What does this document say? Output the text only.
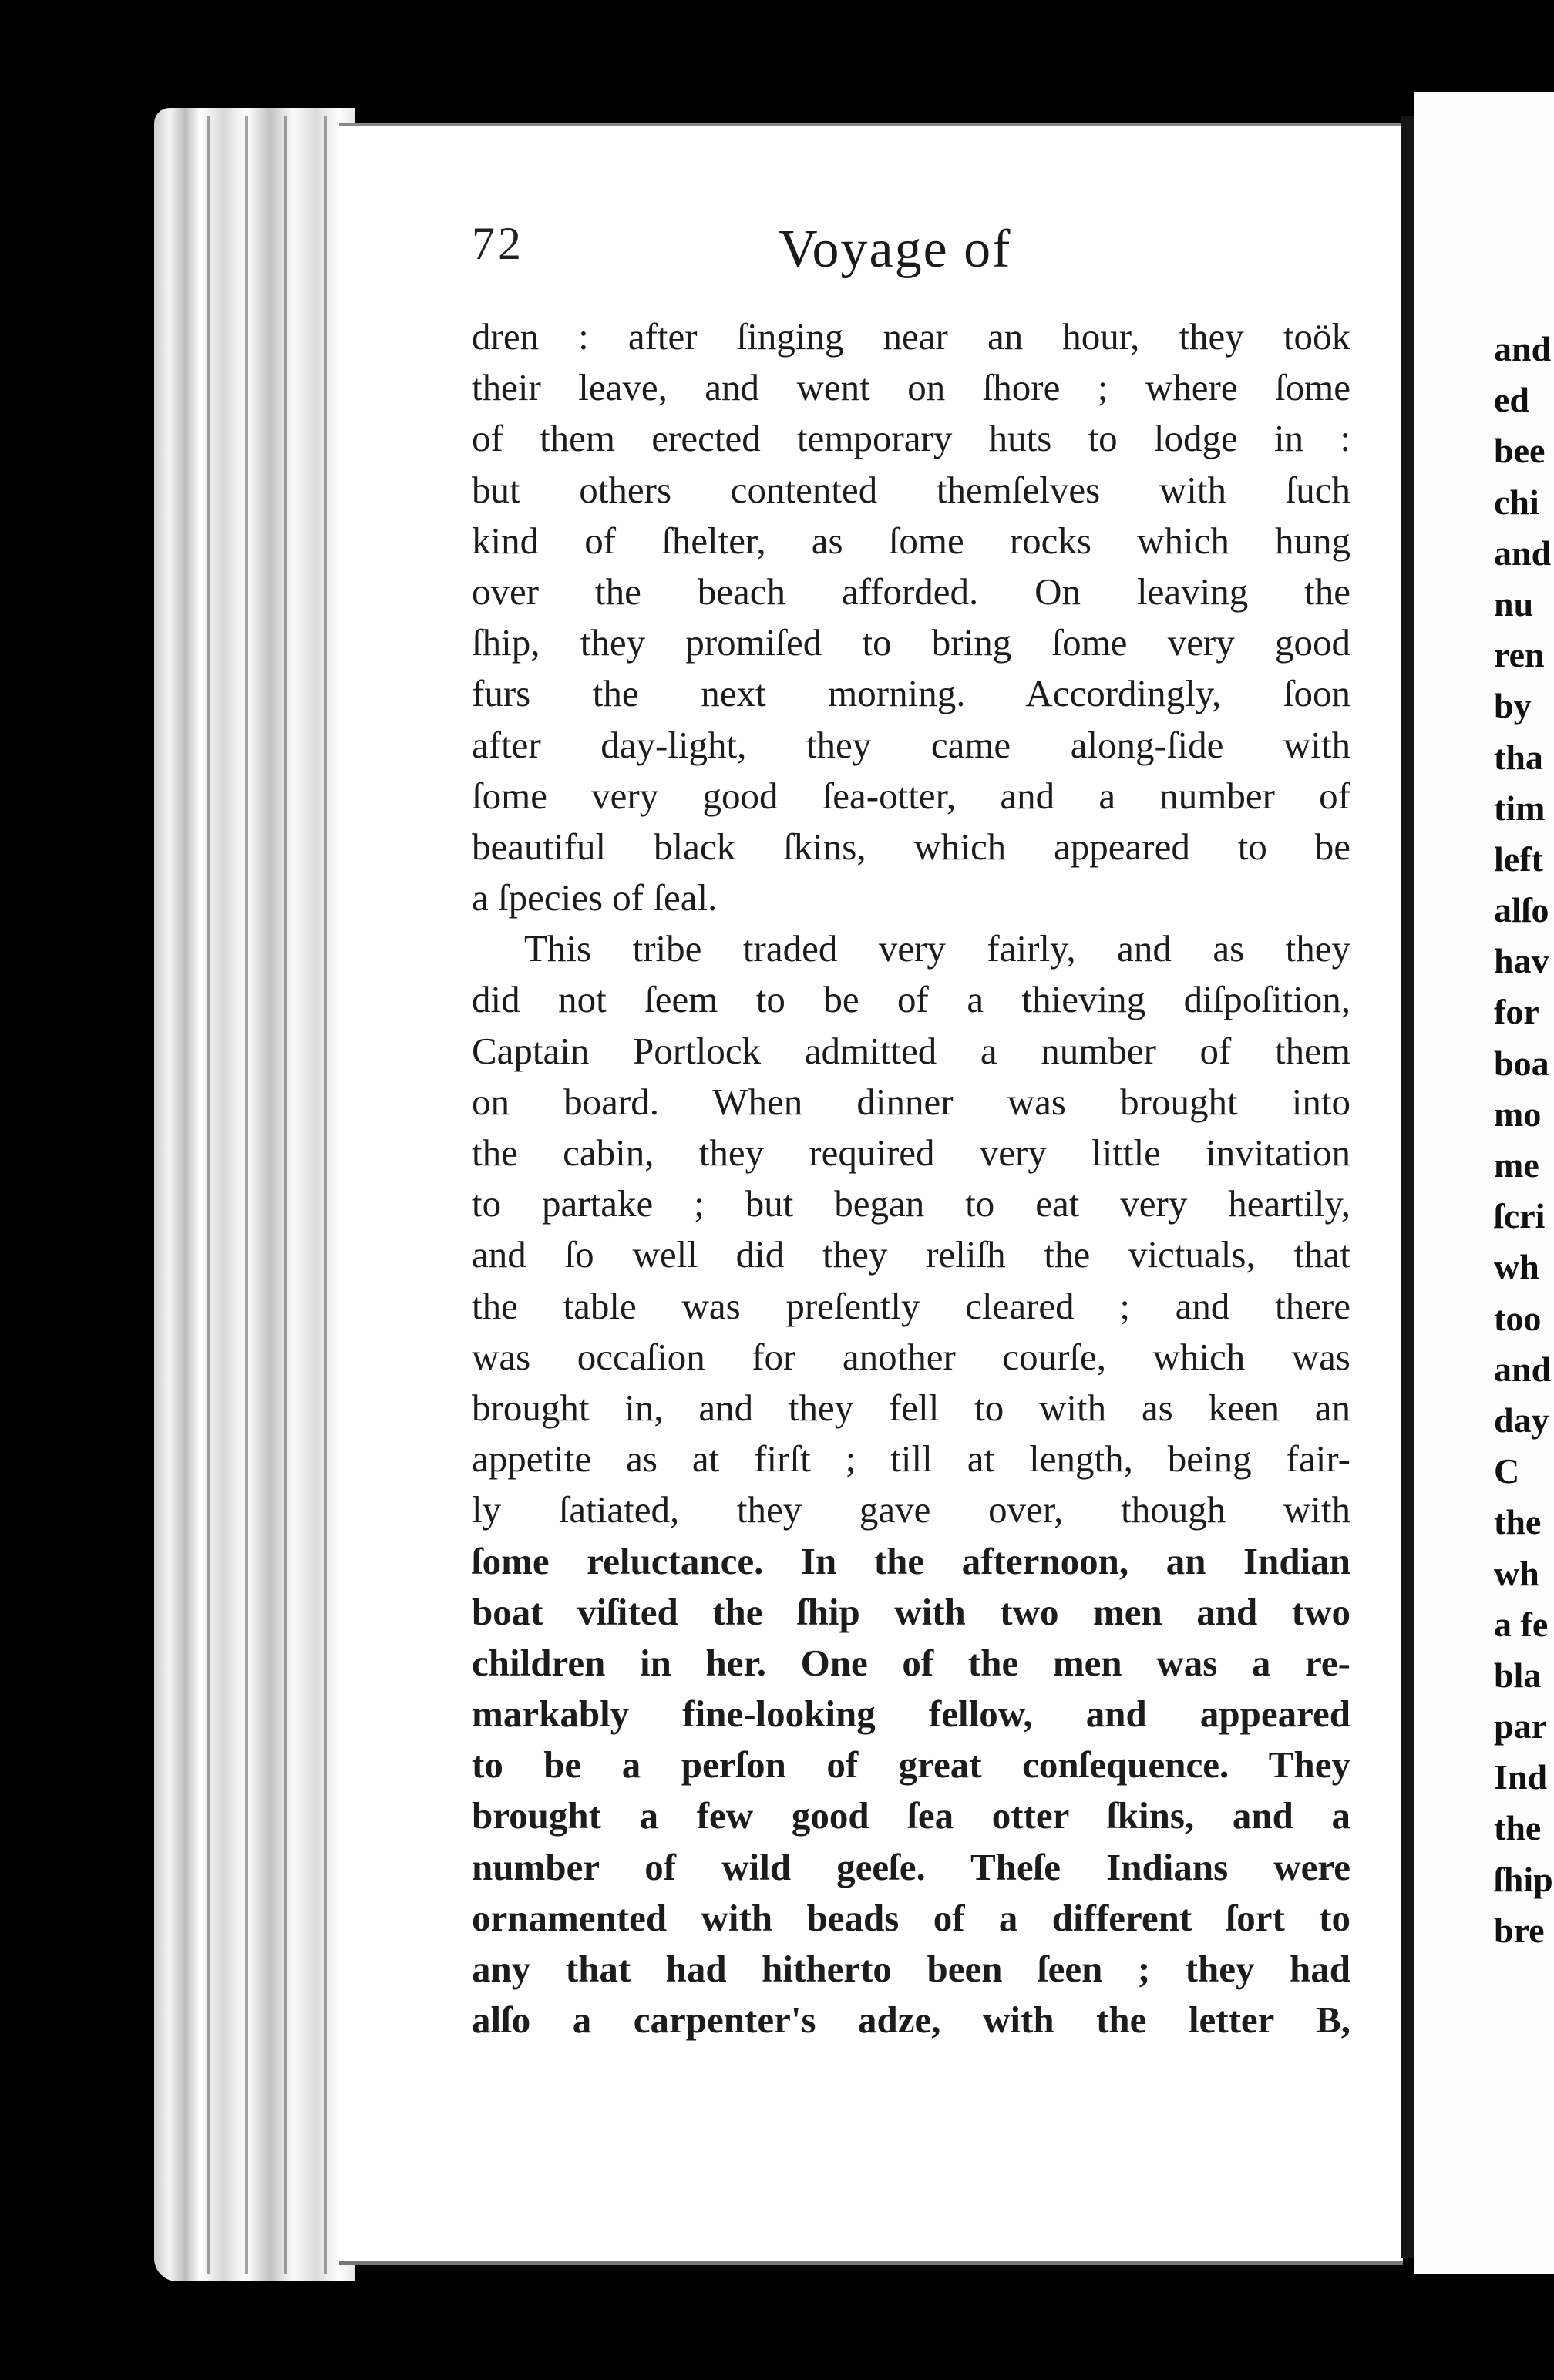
72	Voyage of
dren : after ſinging near an hour, they toök
their leave, and went on ſhore ; where ſome
of them erected temporary huts to lodge in :
but others contented themſelves with ſuch
kind of ſhelter, as ſome rocks which hung
over the beach afforded. On leaving the
ſhip, they promiſed to bring ſome very good
furs the next morning. Accordingly, ſoon
after day-light, they came along-ſide with
ſome very good ſea-otter, and a number of
beautiful black ſkins, which appeared to be
a ſpecies of ſeal.
This tribe traded very fairly, and as they
did not ſeem to be of a thieving diſpoſition,
Captain Portlock admitted a number of them
on board. When dinner was brought into
the cabin, they required very little invitation
to partake ; but began to eat very heartily,
and ſo well did they reliſh the victuals, that
the table was preſently cleared ; and there
was occaſion for another courſe, which was
brought in, and they fell to with as keen an
appetite as at firſt ; till at length, being fair-
ly ſatiated, they gave over, though with
ſome reluctance. In the afternoon, an Indian
boat viſited the ſhip with two men and two
children in her. One of the men was a re-
markably fine-looking fellow, and appeared
to be a perſon of great conſequence. They
brought a few good ſea otter ſkins, and a
number of wild geeſe. Theſe Indians were
ornamented with beads of a different ſort to
any that had hitherto been ſeen ; they had
alſo a carpenter's adze, with the letter B,
and
ed
bee
chi
and
nu
ren
by
tha
tim
left
alſo
hav
for
boa
mo
me
ſcri
wh
too
and
day
C
the
wh
a fe
bla
par
Ind
the
ſhip
bre
